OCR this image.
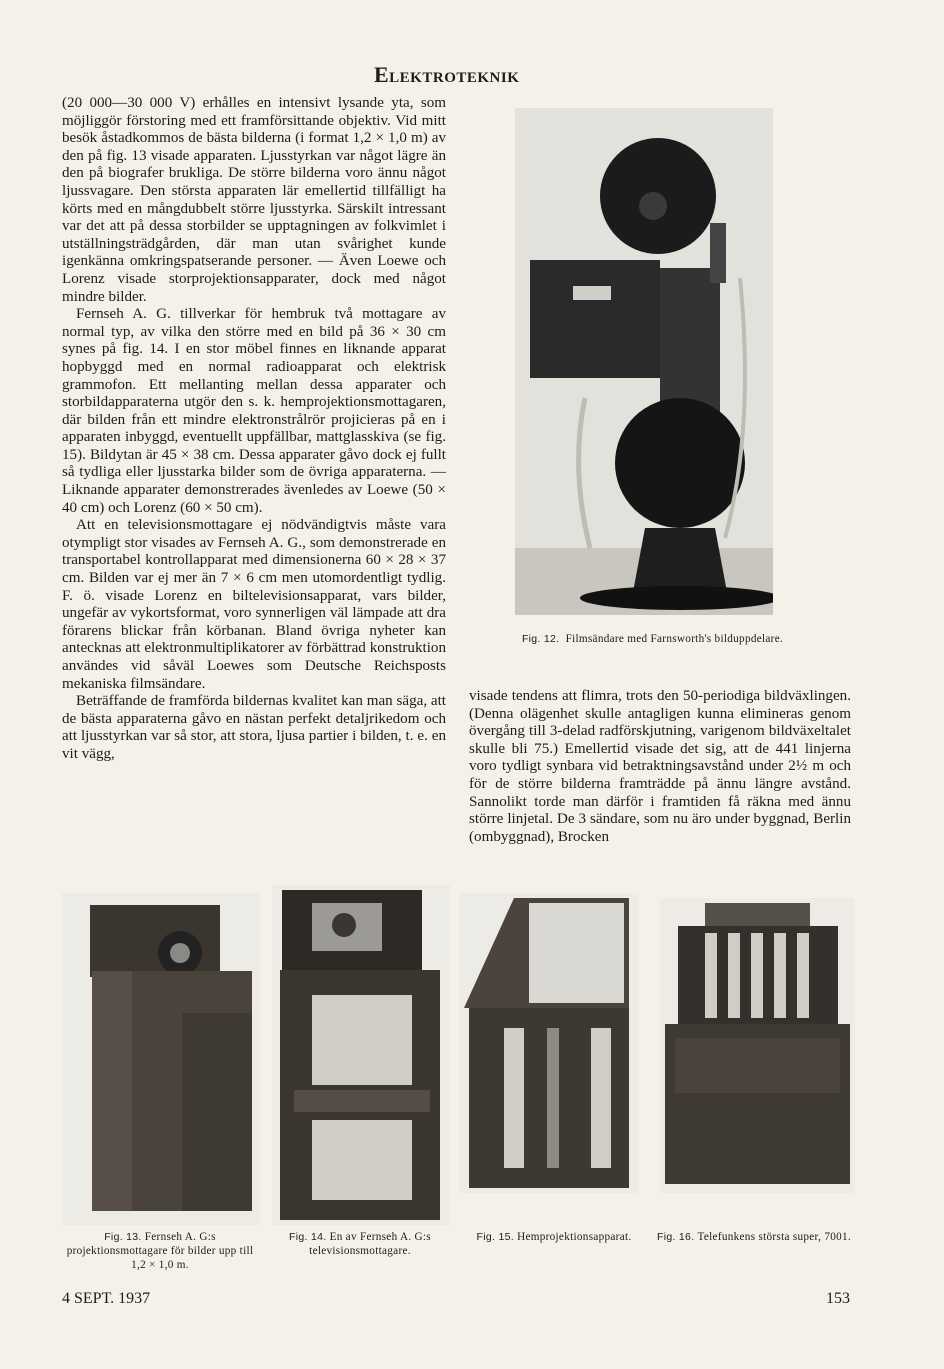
Elektroteknik

(20 000—30 000 V) erhålles en intensivt lysande yta, som möjliggör förstoring med ett framförsittande objektiv. Vid mitt besök åstadkommos de bästa bilderna (i format 1,2 × 1,0 m) av den på fig. 13 visade apparaten. Ljusstyrkan var något lägre än den på biografer brukliga. De större bilderna voro ännu något ljussvagare. Den största apparaten lär emellertid tillfälligt ha körts med en mångdubbelt större ljusstyrka. Särskilt intressant var det att på dessa storbilder se upptagningen av folkvimlet i utställningsträdgården, där man utan svårighet kunde igenkänna omkringspatserande personer. — Även Loewe och Lorenz visade storprojektionsapparater, dock med något mindre bilder.

Fernseh A. G. tillverkar för hembruk två mottagare av normal typ, av vilka den större med en bild på 36 × 30 cm synes på fig. 14. I en stor möbel finnes en liknande apparat hopbyggd med en normal radioapparat och elektrisk grammofon. Ett mellanting mellan dessa apparater och storbildapparaterna utgör den s. k. hemprojektionsmottagaren, där bilden från ett mindre elektronstrålrör projicieras på en i apparaten inbyggd, eventuellt uppfällbar, mattglasskiva (se fig. 15). Bildytan är 45 × 38 cm. Dessa apparater gåvo dock ej fullt så tydliga eller ljusstarka bilder som de övriga apparaterna. — Liknande apparater demonstrerades ävenledes av Loewe (50 × 40 cm) och Lorenz (60 × 50 cm).

Att en televisionsmottagare ej nödvändigtvis måste vara otympligt stor visades av Fernseh A. G., som demonstrerade en transportabel kontrollapparat med dimensionerna 60 × 28 × 37 cm. Bilden var ej mer än 7 × 6 cm men utomordentligt tydlig. F. ö. visade Lorenz en biltelevisionsapparat, vars bilder, ungefär av vykortsformat, voro synnerligen väl lämpade att dra förarens blickar från körbanan. Bland övriga nyheter kan antecknas att elektronmultiplikatorer av förbättrad konstruktion användes vid såväl Loewes som Deutsche Reichsposts mekaniska filmsändare.

Beträffande de framförda bildernas kvalitet kan man säga, att de bästa apparaterna gåvo en nästan perfekt detaljrikedom och att ljusstyrkan var så stor, att stora, ljusa partier i bilden, t. e. en vit vägg,

Fig. 12. Filmsändare med Farnsworth's bilduppdelare.

visade tendens att flimra, trots den 50-periodiga bildväxlingen. (Denna olägenhet skulle antagligen kunna elimineras genom övergång till 3-delad radförskjutning, varigenom bildväxeltalet skulle bli 75.) Emellertid visade det sig, att de 441 linjerna voro tydligt synbara vid betraktningsavstånd under 2½ m och för de större bilderna framträdde på ännu längre avstånd. Sannolikt torde man därför i framtiden få räkna med ännu större linjetal. De 3 sändare, som nu äro under byggnad, Berlin (ombyggnad), Brocken

Fig. 13. Fernseh A. G:s projektionsmottagare för bilder upp till 1,2 × 1,0 m.
Fig. 14. En av Fernseh A. G:s televisionsmottagare.
Fig. 15. Hemprojektionsapparat.	Fig. 16. Telefunkens största super, 7001.
4 SEPT. 1937	153
